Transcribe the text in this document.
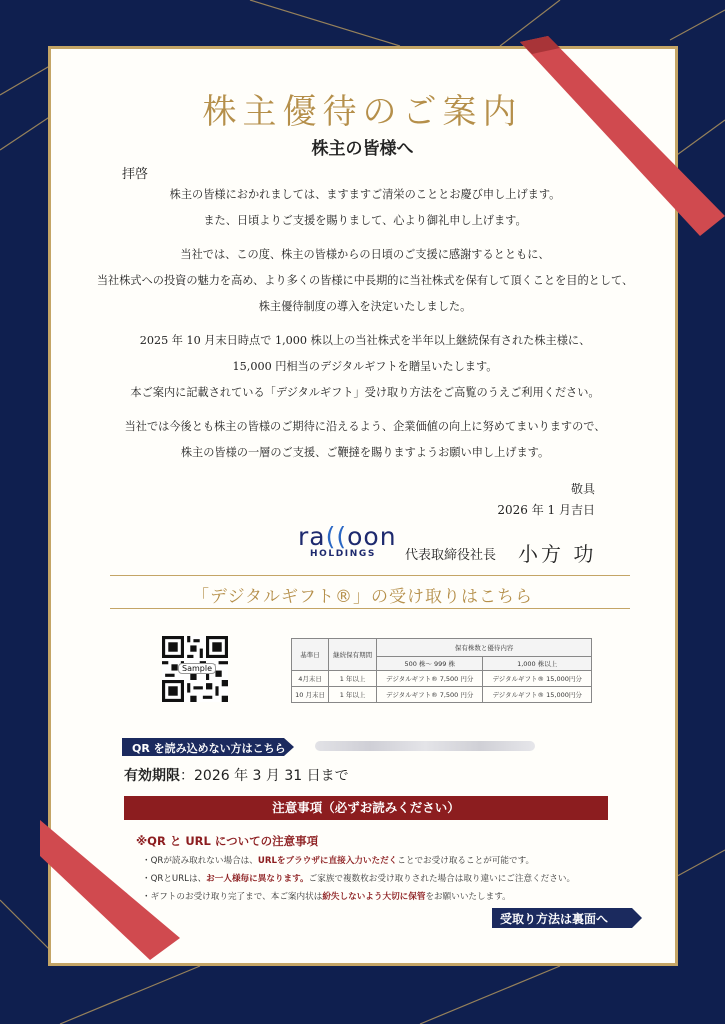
株主優待のご案内
株主の皆様へ
拝啓
株主の皆様におかれましては、ますますご清栄のこととお慶び申し上げます。
また、日頃よりご支援を賜りまして、心より御礼申し上げます。
当社では、この度、株主の皆様からの日頃のご支援に感謝するとともに、
当社株式への投資の魅力を高め、より多くの皆様に中長期的に当社株式を保有して頂くことを目的として、
株主優待制度の導入を決定いたしました。
2025 年 10 月末日時点で 1,000 株以上の当社株式を半年以上継続保有された株主様に、
15,000 円相当のデジタルギフトを贈呈いたします。
本ご案内に記載されている「デジタルギフト」受け取り方法をご高覧のうえご利用ください。
当社では今後とも株主の皆様のご期待に沿えるよう、企業価値の向上に努めてまいりますので、
株主の皆様の一層のご支援、ご鞭撻を賜りますようお願い申し上げます。
敬具
2026 年 1 月吉日
ra((oon
HOLDINGS	代表取締役社長 小方 功
「デジタルギフト®」の受け取りはこちら
Sample
基準日	継続保有期間	保有株数と優待内容	
		500 株～ 999 株	1,000 株以上
4月末日	1 年以上	デジタルギフト® 7,500 円分	デジタルギフト® 15,000円分
10 月末日	1 年以上	デジタルギフト® 7,500 円分	デジタルギフト® 15,000円分
QR を読み込めない方はこちら
有効期限：2026 年 3 月 31 日まで
注意事項（必ずお読みください）
※QR と URL についての注意事項
・QRが読み取れない場合は、URLをブラウザに直接入力いただくことでお受け取ることが可能です。
・QRとURLは、お一人様毎に異なります。ご家族で複数枚お受け取りされた場合は取り違いにご注意ください。
・ギフトのお受け取り完了まで、本ご案内状は紛失しないよう大切に保管をお願いいたします。
受取り方法は裏面へ
